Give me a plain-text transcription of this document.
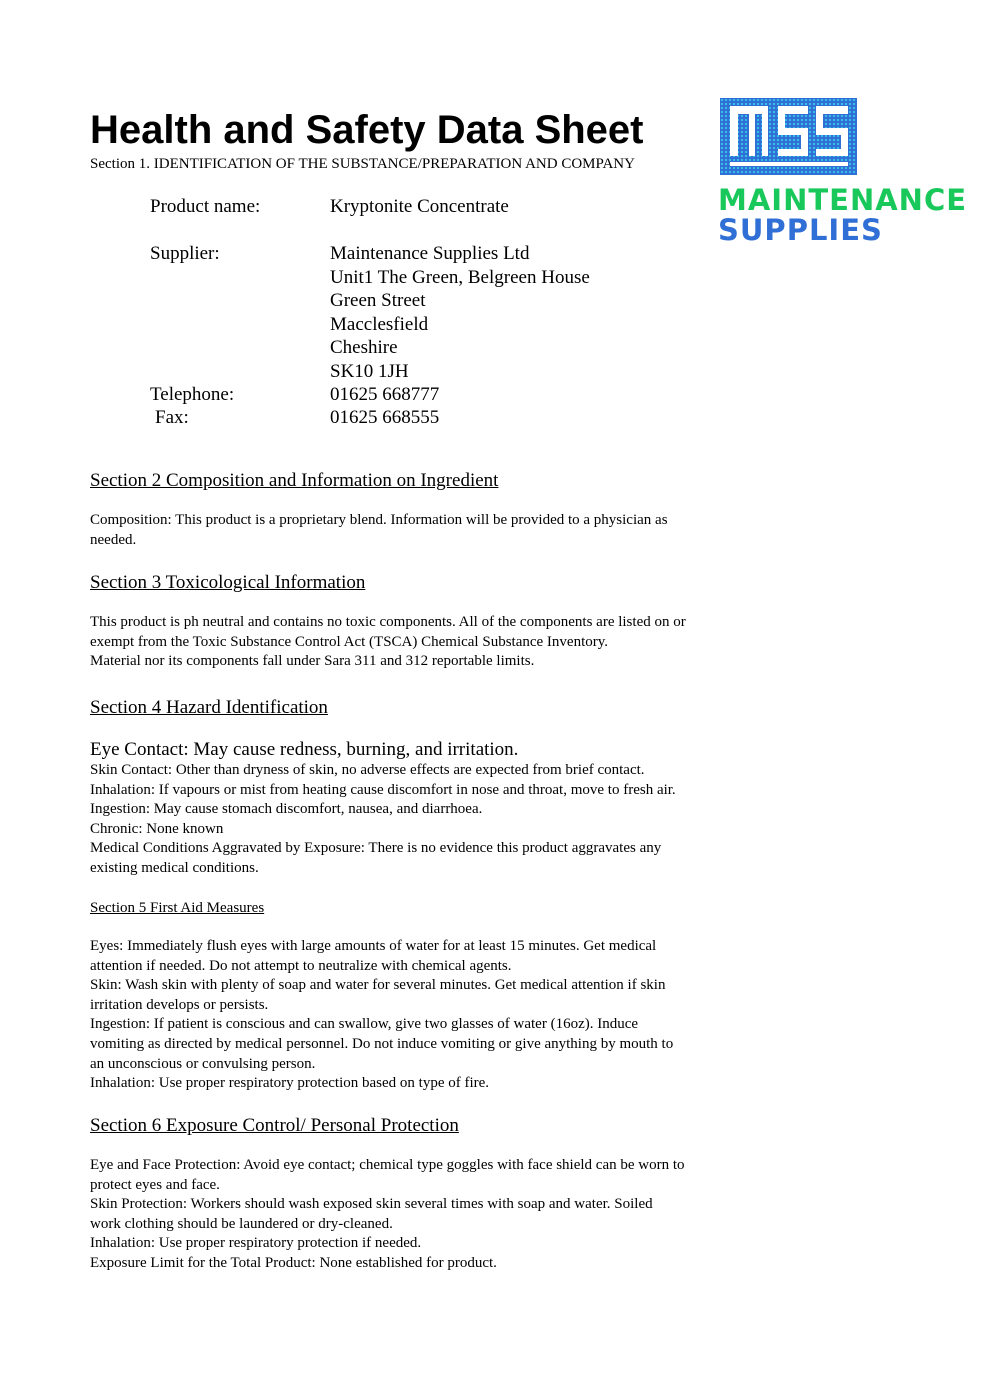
Health and Safety Data Sheet
Section 1. IDENTIFICATION OF THE SUBSTANCE/PREPARATION AND COMPANY
MAINTENANCE
SUPPLIES
Product name:	Kryptonite Concentrate
Supplier:	Maintenance Supplies Ltd
Unit1 The Green, Belgreen House
Green Street
Macclesfield
Cheshire
SK10 1JH
Telephone:	01625 668777
Fax:	01625 668555
Section 2 Composition and Information on Ingredient
Composition: This product is a proprietary blend. Information will be provided to a physician as
needed.
Section 3 Toxicological Information
This product is ph neutral and contains no toxic components. All of the components are listed on or
exempt from the Toxic Substance Control Act (TSCA) Chemical Substance Inventory.
Material nor its components fall under Sara 311 and 312 reportable limits.
Section 4 Hazard Identification
Eye Contact: May cause redness, burning, and irritation.
Skin Contact: Other than dryness of skin, no adverse effects are expected from brief contact.
Inhalation: If vapours or mist from heating cause discomfort in nose and throat, move to fresh air.
Ingestion: May cause stomach discomfort, nausea, and diarrhoea.
Chronic: None known
Medical Conditions Aggravated by Exposure: There is no evidence this product aggravates any
existing medical conditions.
Section 5 First Aid Measures
Eyes: Immediately flush eyes with large amounts of water for at least 15 minutes. Get medical
attention if needed. Do not attempt to neutralize with chemical agents.
Skin: Wash skin with plenty of soap and water for several minutes. Get medical attention if skin
irritation develops or persists.
Ingestion: If patient is conscious and can swallow, give two glasses of water (16oz). Induce
vomiting as directed by medical personnel. Do not induce vomiting or give anything by mouth to
an unconscious or convulsing person.
Inhalation: Use proper respiratory protection based on type of fire.
Section 6 Exposure Control/ Personal Protection
Eye and Face Protection: Avoid eye contact; chemical type goggles with face shield can be worn to
protect eyes and face.
Skin Protection: Workers should wash exposed skin several times with soap and water. Soiled
work clothing should be laundered or dry-cleaned.
Inhalation: Use proper respiratory protection if needed.
Exposure Limit for the Total Product: None established for product.
